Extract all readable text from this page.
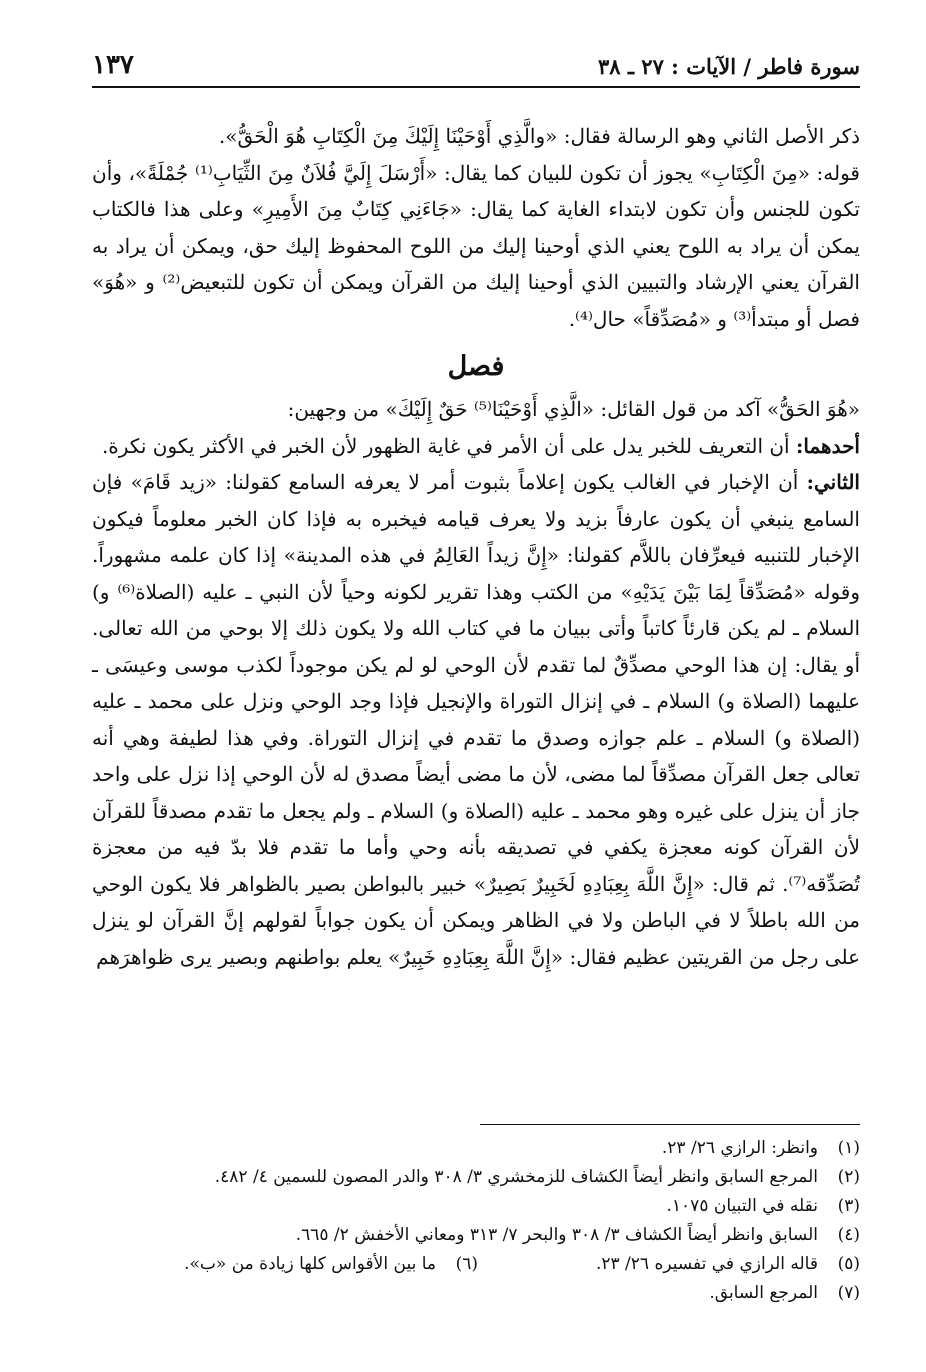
سورة فاطر / الآيات : ٢٧ ـ ٣٨
١٣٧

ذكر الأصل الثاني وهو الرسالة فقال: «والَّذِي أَوْحَيْنَا إِلَيْكَ مِنَ الْكِتَابِ هُوَ الْحَقُّ».

قوله: «مِنَ الْكِتَابِ» يجوز أن تكون للبيان كما يقال: «أَرْسَلَ إِلَيَّ فُلاَنٌ مِنَ الثِّيَابِ⁽¹⁾ جُمْلَةً»، وأن تكون للجنس وأن تكون لابتداء الغاية كما يقال: «جَاءَنِي كِتَابٌ مِنَ الأَمِيرِ» وعلى هذا فالكتاب يمكن أن يراد به اللوح يعني الذي أوحينا إليك من اللوح المحفوظ إليك حق، ويمكن أن يراد به القرآن يعني الإرشاد والتبيين الذي أوحينا إليك من القرآن ويمكن أن تكون للتبعيض⁽²⁾ و «هُوَ» فصل أو مبتدأ⁽³⁾ و «مُصَدِّقاً» حال⁽⁴⁾.

فصل

«هُوَ الحَقُّ» آكد من قول القائل: «الَّذِي أَوْحَيْنَا⁽⁵⁾ حَقٌ إِلَيْكَ» من وجهين:

أحدهما: أن التعريف للخبر يدل على أن الأمر في غاية الظهور لأن الخبر في الأكثر يكون نكرة.

الثاني: أن الإخبار في الغالب يكون إعلاماً بثبوت أمر لا يعرفه السامع كقولنا: «زيد قَامَ» فإن السامع ينبغي أن يكون عارفاً بزيد ولا يعرف قيامه فيخبره به فإذا كان الخبر معلوماً فيكون الإخبار للتنبيه فيعرِّفان باللاَّم كقولنا: «إِنَّ زيداً العَالِمُ في هذه المدينة» إذا كان علمه مشهوراً. وقوله «مُصَدِّقاً لِمَا بَيْنَ يَدَيْهِ» من الكتب وهذا تقرير لكونه وحياً لأن النبي ـ عليه (الصلاة⁽⁶⁾ و) السلام ـ لم يكن قارئاً كاتباً وأتى ببيان ما في كتاب الله ولا يكون ذلك إلا بوحي من الله تعالى. أو يقال: إن هذا الوحي مصدِّقٌ لما تقدم لأن الوحي لو لم يكن موجوداً لكذب موسى وعيسَى ـ عليهما (الصلاة و) السلام ـ في إنزال التوراة والإنجيل فإذا وجد الوحي ونزل على محمد ـ عليه (الصلاة و) السلام ـ علم جوازه وصدق ما تقدم في إنزال التوراة. وفي هذا لطيفة وهي أنه تعالى جعل القرآن مصدِّقاً لما مضى، لأن ما مضى أيضاً مصدق له لأن الوحي إذا نزل على واحد جاز أن ينزل على غيره وهو محمد ـ عليه (الصلاة و) السلام ـ ولم يجعل ما تقدم مصدقاً للقرآن لأن القرآن كونه معجزة يكفي في تصديقه بأنه وحي وأما ما تقدم فلا بدّ فيه من معجزة تُصَدِّقه⁽⁷⁾. ثم قال: «إِنَّ اللَّهَ بِعِبَادِهِ لَخَبِيرٌ بَصِيرٌ» خبير بالبواطن بصير بالظواهر فلا يكون الوحي من الله باطلاً لا في الباطن ولا في الظاهر ويمكن أن يكون جواباً لقولهم إنَّ القرآن لو ينزل على رجل من القريتين عظيم فقال: «إِنَّ اللَّهَ بِعِبَادِهِ خَبِيرٌ» يعلم بواطنهم وبصير يرى ظواهرَهم

(١)وانظر: الرازي ٢٦/ ٢٣.
(٢)المرجع السابق وانظر أيضاً الكشاف للزمخشري ٣/ ٣٠٨ والدر المصون للسمين ٤/ ٤٨٢.
(٣)نقله في التبيان ١٠٧٥.
(٤)السابق وانظر أيضاً الكشاف ٣/ ٣٠٨ والبحر ٧/ ٣١٣ ومعاني الأخفش ٢/ ٦٦٥.
(٥)قاله الرازي في تفسيره ٢٦/ ٢٣.(٦)ما بين الأقواس كلها زيادة من «ب».
(٧)المرجع السابق.
